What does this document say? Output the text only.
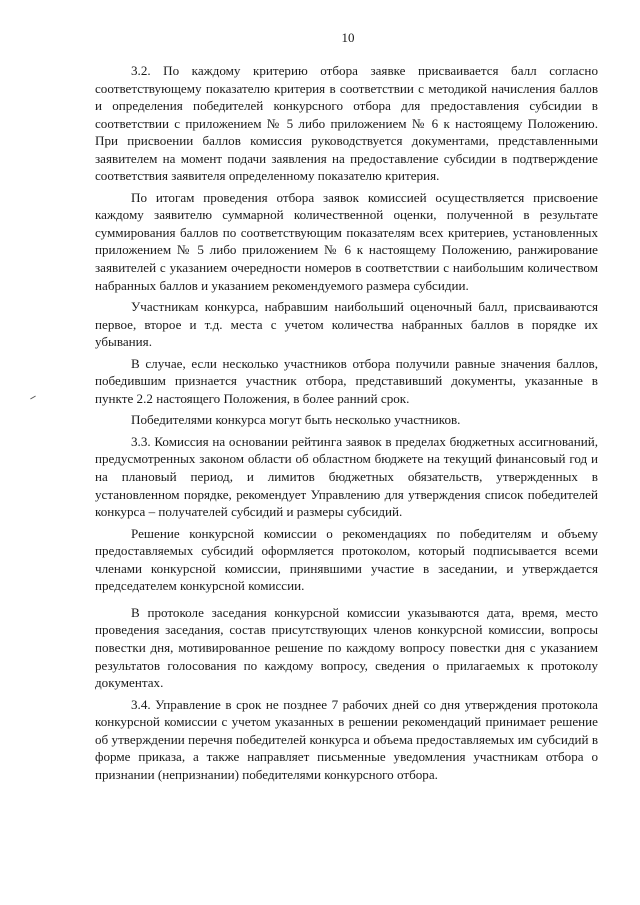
10

3.2. По каждому критерию отбора заявке присваивается балл согласно соответствующему показателю критерия в соответствии с методикой начисления баллов и определения победителей конкурсного отбора для предоставления субсидии в соответствии с приложением № 5 либо приложением № 6 к настоящему Положению. При присвоении баллов комиссия руководствуется документами, представленными заявителем на момент подачи заявления на предоставление субсидии в подтверждение соответствия заявителя определенному показателю критерия.

По итогам проведения отбора заявок комиссией осуществляется присвоение каждому заявителю суммарной количественной оценки, полученной в результате суммирования баллов по соответствующим показателям всех критериев, установленных приложением № 5 либо приложением № 6 к настоящему Положению, ранжирование заявителей с указанием очередности номеров в соответствии с наибольшим количеством набранных баллов и указанием рекомендуемого размера субсидии.

Участникам конкурса, набравшим наибольший оценочный балл, присваиваются первое, второе и т.д. места с учетом количества набранных баллов в порядке их убывания.

В случае, если несколько участников отбора получили равные значения баллов, победившим признается участник отбора, представивший документы, указанные в пункте 2.2 настоящего Положения, в более ранний срок.

Победителями конкурса могут быть несколько участников.

3.3. Комиссия на основании рейтинга заявок в пределах бюджетных ассигнований, предусмотренных законом области об областном бюджете на текущий финансовый год и на плановый период, и лимитов бюджетных обязательств, утвержденных в установленном порядке, рекомендует Управлению для утверждения список победителей конкурса – получателей субсидий и размеры субсидий.

Решение конкурсной комиссии о рекомендациях по победителям и объему предоставляемых субсидий оформляется протоколом, который подписывается всеми членами конкурсной комиссии, принявшими участие в заседании, и утверждается председателем конкурсной комиссии.

В протоколе заседания конкурсной комиссии указываются дата, время, место проведения заседания, состав присутствующих членов конкурсной комиссии, вопросы повестки дня, мотивированное решение по каждому вопросу повестки дня с указанием результатов голосования по каждому вопросу, сведения о прилагаемых к протоколу документах.

3.4. Управление в срок не позднее 7 рабочих дней со дня утверждения протокола конкурсной комиссии с учетом указанных в решении рекомендаций принимает решение об утверждении перечня победителей конкурса и объема предоставляемых им субсидий в форме приказа, а также направляет письменные уведомления участникам отбора о признании (непризнании) победителями конкурсного отбора.
